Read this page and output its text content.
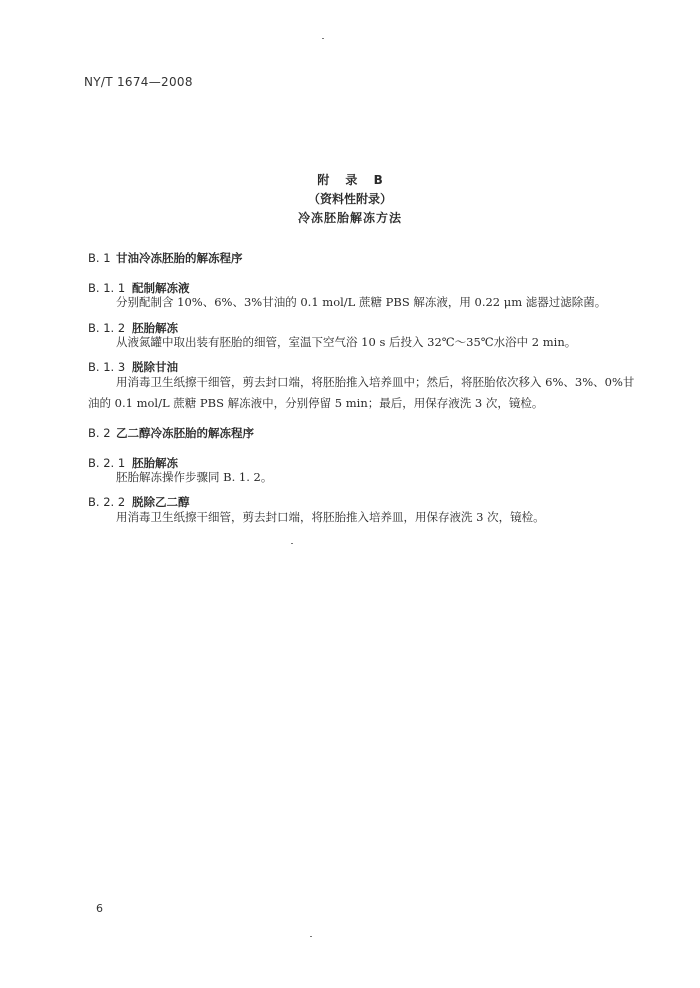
NY/T 1674—2008
附 录 B
（资料性附录）
冷冻胚胎解冻方法
B. 1 甘油冷冻胚胎的解冻程序
B. 1. 1 配制解冻液
分别配制含 10%、6%、3%甘油的 0.1 mol/L 蔗糖 PBS 解冻液，用 0.22 μm 滤器过滤除菌。
B. 1. 2 胚胎解冻
从液氮罐中取出装有胚胎的细管，室温下空气浴 10 s 后投入 32℃～35℃水浴中 2 min。
B. 1. 3 脱除甘油
用消毒卫生纸擦干细管，剪去封口端，将胚胎推入培养皿中；然后，将胚胎依次移入 6%、3%、0%甘
油的 0.1 mol/L 蔗糖 PBS 解冻液中，分别停留 5 min；最后，用保存液洗 3 次，镜检。
B. 2 乙二醇冷冻胚胎的解冻程序
B. 2. 1 胚胎解冻
胚胎解冻操作步骤同 B. 1. 2。
B. 2. 2 脱除乙二醇
用消毒卫生纸擦干细管，剪去封口端，将胚胎推入培养皿，用保存液洗 3 次，镜检。
6
